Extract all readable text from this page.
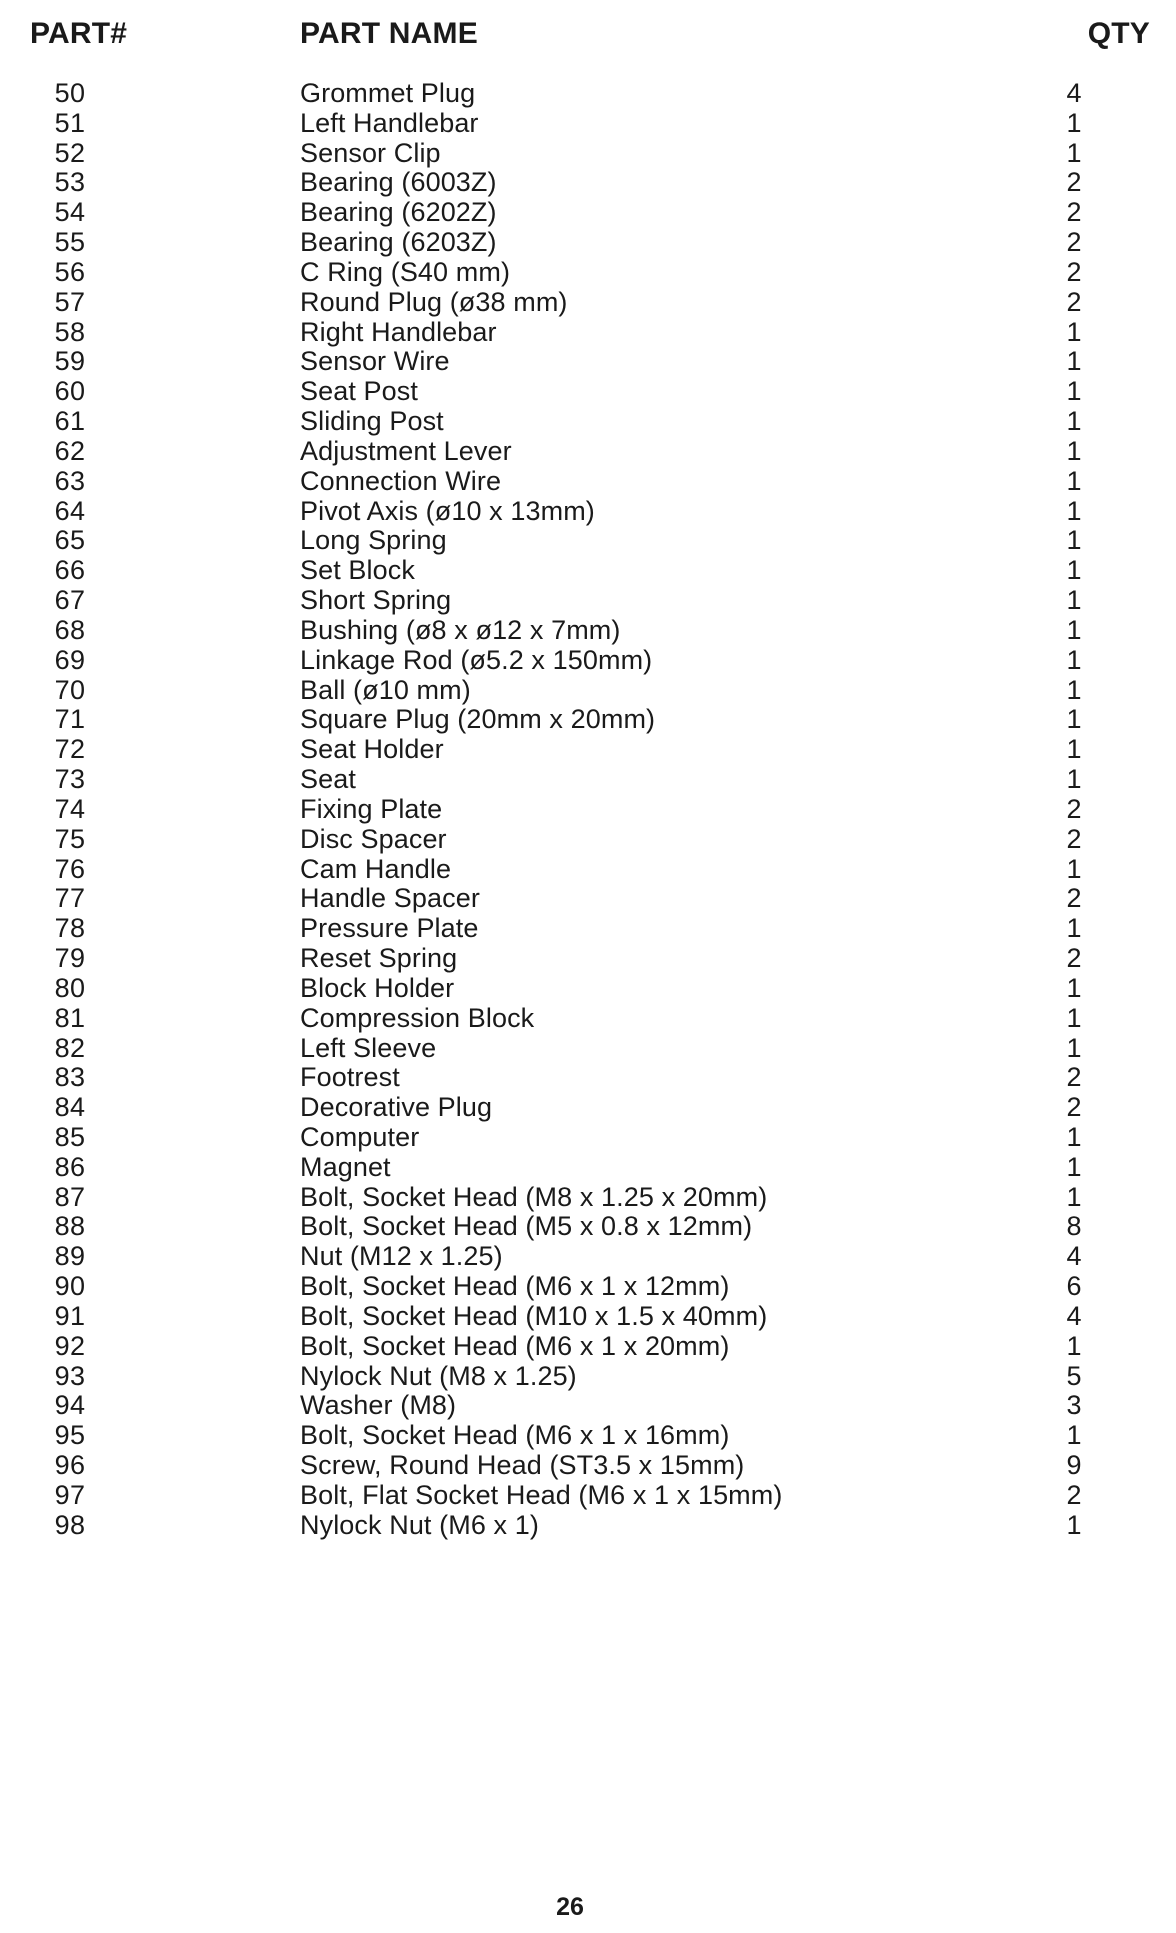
PART#	PART NAME	QTY
50	Grommet Plug	4
51	Left Handlebar	1
52	Sensor Clip	1
53	Bearing (6003Z)	2
54	Bearing (6202Z)	2
55	Bearing (6203Z)	2
56	C Ring (S40 mm)	2
57	Round Plug (ø38 mm)	2
58	Right Handlebar	1
59	Sensor Wire	1
60	Seat Post	1
61	Sliding Post	1
62	Adjustment Lever	1
63	Connection Wire	1
64	Pivot Axis (ø10 x 13mm)	1
65	Long Spring	1
66	Set Block	1
67	Short Spring	1
68	Bushing (ø8 x ø12 x 7mm)	1
69	Linkage Rod (ø5.2 x 150mm)	1
70	Ball (ø10 mm)	1
71	Square Plug (20mm x 20mm)	1
72	Seat Holder	1
73	Seat	1
74	Fixing Plate	2
75	Disc Spacer	2
76	Cam Handle	1
77	Handle Spacer	2
78	Pressure Plate	1
79	Reset Spring	2
80	Block Holder	1
81	Compression Block	1
82	Left Sleeve	1
83	Footrest	2
84	Decorative Plug	2
85	Computer	1
86	Magnet	1
87	Bolt, Socket Head (M8 x 1.25 x 20mm)	1
88	Bolt, Socket Head (M5 x 0.8 x 12mm)	8
89	Nut (M12 x 1.25)	4
90	Bolt, Socket Head (M6 x 1 x 12mm)	6
91	Bolt, Socket Head (M10 x 1.5 x 40mm)	4
92	Bolt, Socket Head (M6 x 1 x 20mm)	1
93	Nylock Nut (M8 x 1.25)	5
94	Washer (M8)	3
95	Bolt, Socket Head (M6 x 1 x 16mm)	1
96	Screw, Round Head (ST3.5 x 15mm)	9
97	Bolt, Flat Socket Head (M6 x 1 x 15mm)	2
98	Nylock Nut (M6 x 1)	1
26
